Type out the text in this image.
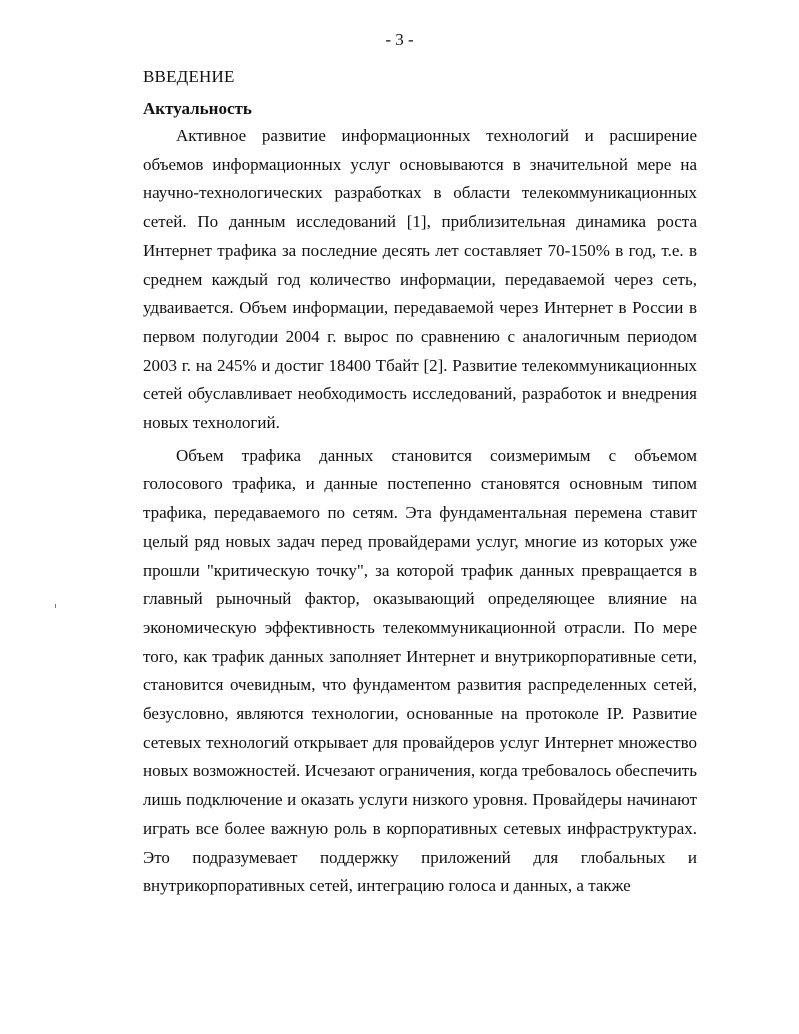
- 3 -
ВВЕДЕНИЕ
Актуальность

Активное развитие информационных технологий и расширение объемов информационных услуг основываются в значительной мере на научно-технологических разработках в области телекоммуникационных сетей. По данным исследований [1], приблизительная динамика роста Интернет трафика за последние десять лет составляет 70-150% в год, т.е. в среднем каждый год количество информации, передаваемой через сеть, удваивается. Объем информации, передаваемой через Интернет в России в первом полугодии 2004 г. вырос по сравнению с аналогичным периодом 2003 г. на 245% и достиг 18400 Тбайт [2]. Развитие телекоммуникационных сетей обуславливает необходимость исследований, разработок и внедрения новых технологий.

Объем трафика данных становится соизмеримым с объемом голосового трафика, и данные постепенно становятся основным типом трафика, передаваемого по сетям. Эта фундаментальная перемена ставит целый ряд новых задач перед провайдерами услуг, многие из которых уже прошли "критическую точку", за которой трафик данных превращается в главный рыночный фактор, оказывающий определяющее влияние на экономическую эффективность телекоммуникационной отрасли. По мере того, как трафик данных заполняет Интернет и внутрикорпоративные сети, становится очевидным, что фундаментом развития распределенных сетей, безусловно, являются технологии, основанные на протоколе IP. Развитие сетевых технологий открывает для провайдеров услуг Интернет множество новых возможностей. Исчезают ограничения, когда требовалось обеспечить лишь подключение и оказать услуги низкого уровня. Провайдеры начинают играть все более важную роль в корпоративных сетевых инфраструктурах. Это подразумевает поддержку приложений для глобальных и внутрикорпоративных сетей, интеграцию голоса и данных, а также
